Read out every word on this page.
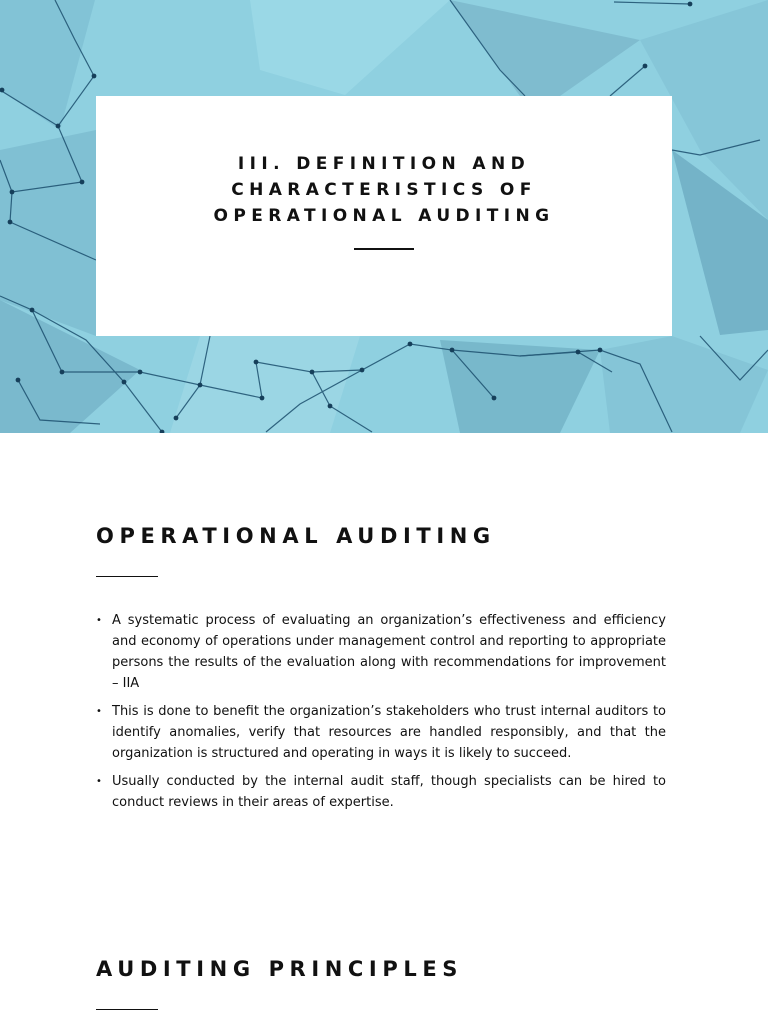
III. DEFINITION AND
CHARACTERISTICS OF
OPERATIONAL AUDITING
OPERATIONAL AUDITING
• A systematic process of evaluating an organization’s effectiveness and efficiency and economy of operations under management control and reporting to appropriate persons the results of the evaluation along with recommendations for improvement – IIA
• This is done to benefit the organization’s stakeholders who trust internal auditors to identify anomalies, verify that resources are handled responsibly, and that the organization is structured and operating in ways it is likely to succeed.
• Usually conducted by the internal audit staff, though specialists can be hired to conduct reviews in their areas of expertise.
AUDITING PRINCIPLES
